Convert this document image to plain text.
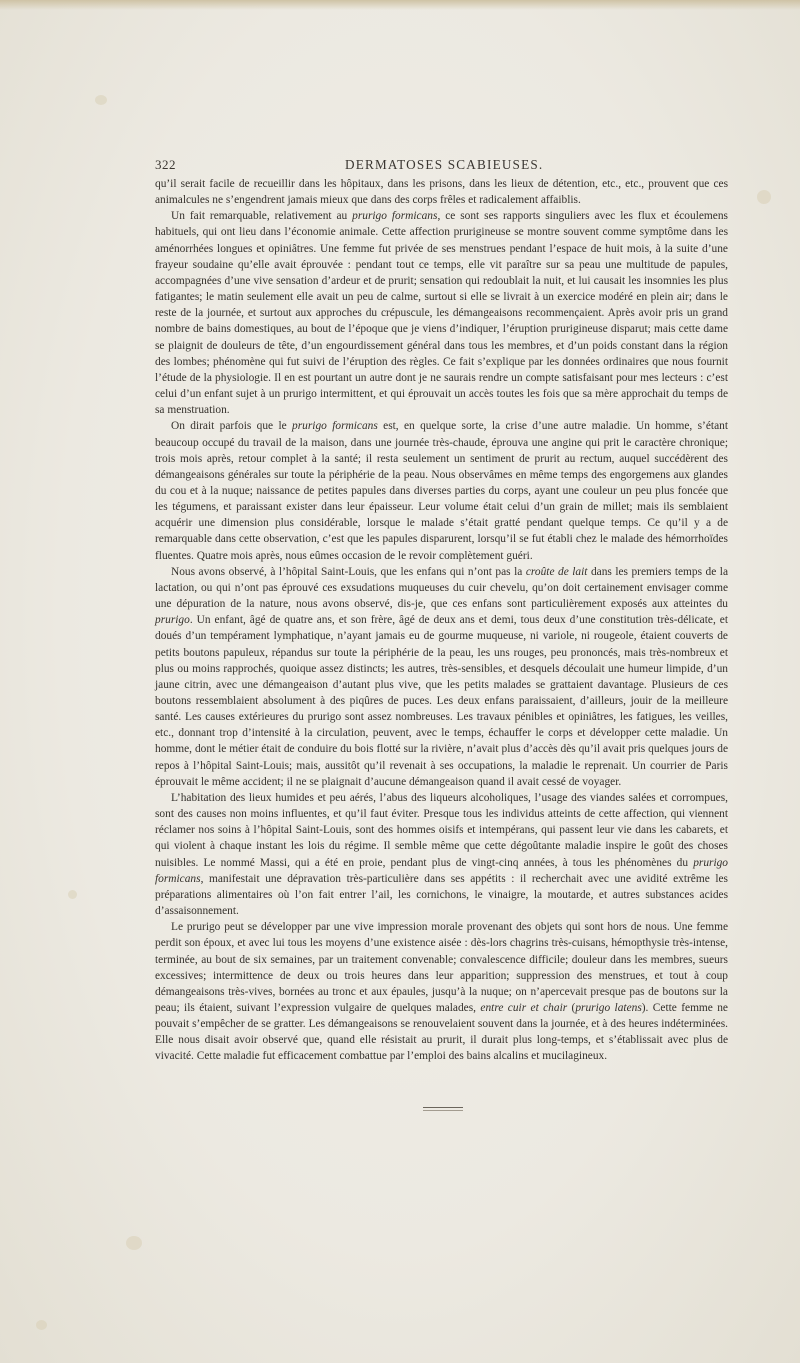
322	DERMATOSES SCABIEUSES.

qu’il serait facile de recueillir dans les hôpitaux, dans les prisons, dans les lieux de détention, etc., etc., prouvent que ces animalcules ne s’engendrent jamais mieux que dans des corps frêles et radicalement affaiblis.

Un fait remarquable, relativement au prurigo formicans, ce sont ses rapports singuliers avec les flux et écoulemens habituels, qui ont lieu dans l’économie animale. Cette affection prurigineuse se montre souvent comme symptôme dans les aménorrhées longues et opiniâtres. Une femme fut privée de ses menstrues pendant l’espace de huit mois, à la suite d’une frayeur soudaine qu’elle avait éprouvée : pendant tout ce temps, elle vit paraître sur sa peau une multitude de papules, accompagnées d’une vive sensation d’ardeur et de prurit; sensation qui redoublait la nuit, et lui causait les insomnies les plus fatigantes; le matin seulement elle avait un peu de calme, surtout si elle se livrait à un exercice modéré en plein air; dans le reste de la journée, et surtout aux approches du crépuscule, les démangeaisons recommençaient. Après avoir pris un grand nombre de bains domestiques, au bout de l’époque que je viens d’indiquer, l’éruption prurigineuse disparut; mais cette dame se plaignit de douleurs de tête, d’un engourdissement général dans tous les membres, et d’un poids constant dans la région des lombes; phénomène qui fut suivi de l’éruption des règles. Ce fait s’explique par les données ordinaires que nous fournit l’étude de la physiologie. Il en est pourtant un autre dont je ne saurais rendre un compte satisfaisant pour mes lecteurs : c’est celui d’un enfant sujet à un prurigo intermittent, et qui éprouvait un accès toutes les fois que sa mère approchait du temps de sa menstruation.

On dirait parfois que le prurigo formicans est, en quelque sorte, la crise d’une autre maladie. Un homme, s’étant beaucoup occupé du travail de la maison, dans une journée très-chaude, éprouva une angine qui prit le caractère chronique; trois mois après, retour complet à la santé; il resta seulement un sentiment de prurit au rectum, auquel succédèrent des démangeaisons générales sur toute la périphérie de la peau. Nous observâmes en même temps des engorgemens aux glandes du cou et à la nuque; naissance de petites papules dans diverses parties du corps, ayant une couleur un peu plus foncée que les tégumens, et paraissant exister dans leur épaisseur. Leur volume était celui d’un grain de millet; mais ils semblaient acquérir une dimension plus considérable, lorsque le malade s’était gratté pendant quelque temps. Ce qu’il y a de remarquable dans cette observation, c’est que les papules disparurent, lorsqu’il se fut établi chez le malade des hémorrhoïdes fluentes. Quatre mois après, nous eûmes occasion de le revoir complètement guéri.

Nous avons observé, à l’hôpital Saint-Louis, que les enfans qui n’ont pas la croûte de lait dans les premiers temps de la lactation, ou qui n’ont pas éprouvé ces exsudations muqueuses du cuir chevelu, qu’on doit certainement envisager comme une dépuration de la nature, nous avons observé, dis-je, que ces enfans sont particulièrement exposés aux atteintes du prurigo. Un enfant, âgé de quatre ans, et son frère, âgé de deux ans et demi, tous deux d’une constitution très-délicate, et doués d’un tempérament lymphatique, n’ayant jamais eu de gourme muqueuse, ni variole, ni rougeole, étaient couverts de petits boutons papuleux, répandus sur toute la périphérie de la peau, les uns rouges, peu prononcés, mais très-nombreux et plus ou moins rapprochés, quoique assez distincts; les autres, très-sensibles, et desquels découlait une humeur limpide, d’un jaune citrin, avec une démangeaison d’autant plus vive, que les petits malades se grattaient davantage. Plusieurs de ces boutons ressemblaient absolument à des piqûres de puces. Les deux enfans paraissaient, d’ailleurs, jouir de la meilleure santé. Les causes extérieures du prurigo sont assez nombreuses. Les travaux pénibles et opiniâtres, les fatigues, les veilles, etc., donnant trop d’intensité à la circulation, peuvent, avec le temps, échauffer le corps et développer cette maladie. Un homme, dont le métier était de conduire du bois flotté sur la rivière, n’avait plus d’accès dès qu’il avait pris quelques jours de repos à l’hôpital Saint-Louis; mais, aussitôt qu’il revenait à ses occupations, la maladie le reprenait. Un courrier de Paris éprouvait le même accident; il ne se plaignait d’aucune démangeaison quand il avait cessé de voyager.

L’habitation des lieux humides et peu aérés, l’abus des liqueurs alcoholiques, l’usage des viandes salées et corrompues, sont des causes non moins influentes, et qu’il faut éviter. Presque tous les individus atteints de cette affection, qui viennent réclamer nos soins à l’hôpital Saint-Louis, sont des hommes oisifs et intempérans, qui passent leur vie dans les cabarets, et qui violent à chaque instant les lois du régime. Il semble même que cette dégoûtante maladie inspire le goût des choses nuisibles. Le nommé Massi, qui a été en proie, pendant plus de vingt-cinq années, à tous les phénomènes du prurigo formicans, manifestait une dépravation très-particulière dans ses appétits : il recherchait avec une avidité extrême les préparations alimentaires où l’on fait entrer l’ail, les cornichons, le vinaigre, la moutarde, et autres substances acides d’assaisonnement.

Le prurigo peut se développer par une vive impression morale provenant des objets qui sont hors de nous. Une femme perdit son époux, et avec lui tous les moyens d’une existence aisée : dès-lors chagrins très-cuisans, hémopthysie très-intense, terminée, au bout de six semaines, par un traitement convenable; convalescence difficile; douleur dans les membres, sueurs excessives; intermittence de deux ou trois heures dans leur apparition; suppression des menstrues, et tout à coup démangeaisons très-vives, bornées au tronc et aux épaules, jusqu’à la nuque; on n’apercevait presque pas de boutons sur la peau; ils étaient, suivant l’expression vulgaire de quelques malades, entre cuir et chair (prurigo latens). Cette femme ne pouvait s’empêcher de se gratter. Les démangeaisons se renouvelaient souvent dans la journée, et à des heures indéterminées. Elle nous disait avoir observé que, quand elle résistait au prurit, il durait plus long-temps, et s’établissait avec plus de vivacité. Cette maladie fut efficacement combattue par l’emploi des bains alcalins et mucilagineux.
